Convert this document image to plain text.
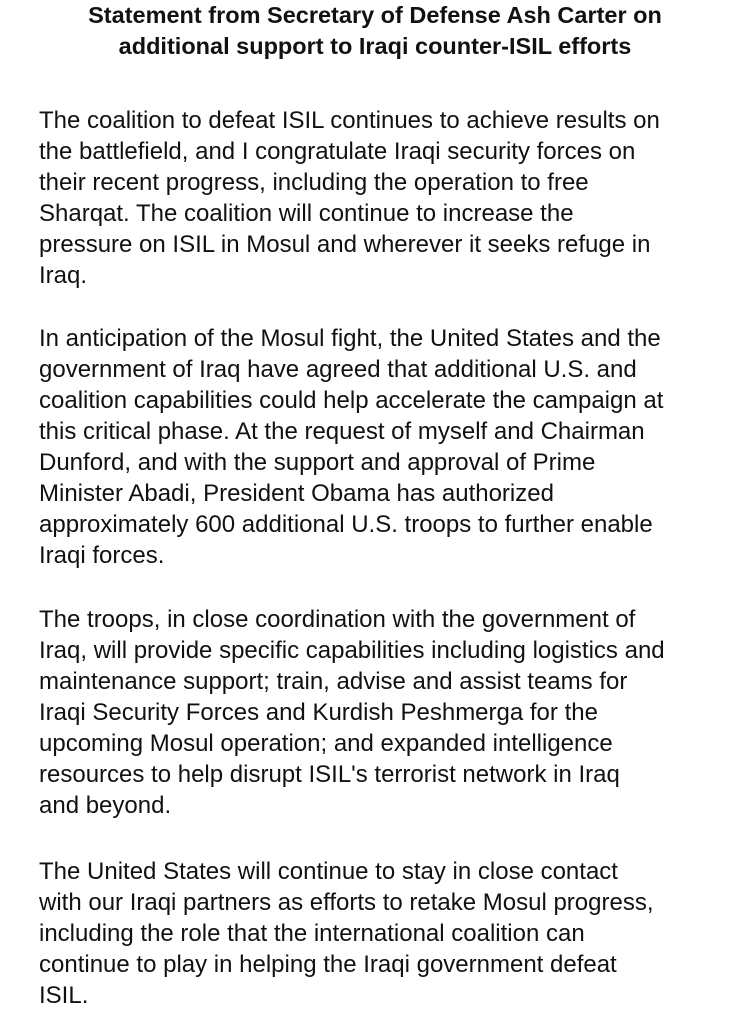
Statement from Secretary of Defense Ash Carter on
additional support to Iraqi counter-ISIL efforts

The coalition to defeat ISIL continues to achieve results on
the battlefield, and I congratulate Iraqi security forces on
their recent progress, including the operation to free
Sharqat. The coalition will continue to increase the
pressure on ISIL in Mosul and wherever it seeks refuge in
Iraq.

In anticipation of the Mosul fight, the United States and the
government of Iraq have agreed that additional U.S. and
coalition capabilities could help accelerate the campaign at
this critical phase. At the request of myself and Chairman
Dunford, and with the support and approval of Prime
Minister Abadi, President Obama has authorized
approximately 600 additional U.S. troops to further enable
Iraqi forces.

The troops, in close coordination with the government of
Iraq, will provide specific capabilities including logistics and
maintenance support; train, advise and assist teams for
Iraqi Security Forces and Kurdish Peshmerga for the
upcoming Mosul operation; and expanded intelligence
resources to help disrupt ISIL's terrorist network in Iraq
and beyond.

The United States will continue to stay in close contact
with our Iraqi partners as efforts to retake Mosul progress,
including the role that the international coalition can
continue to play in helping the Iraqi government defeat
ISIL.
